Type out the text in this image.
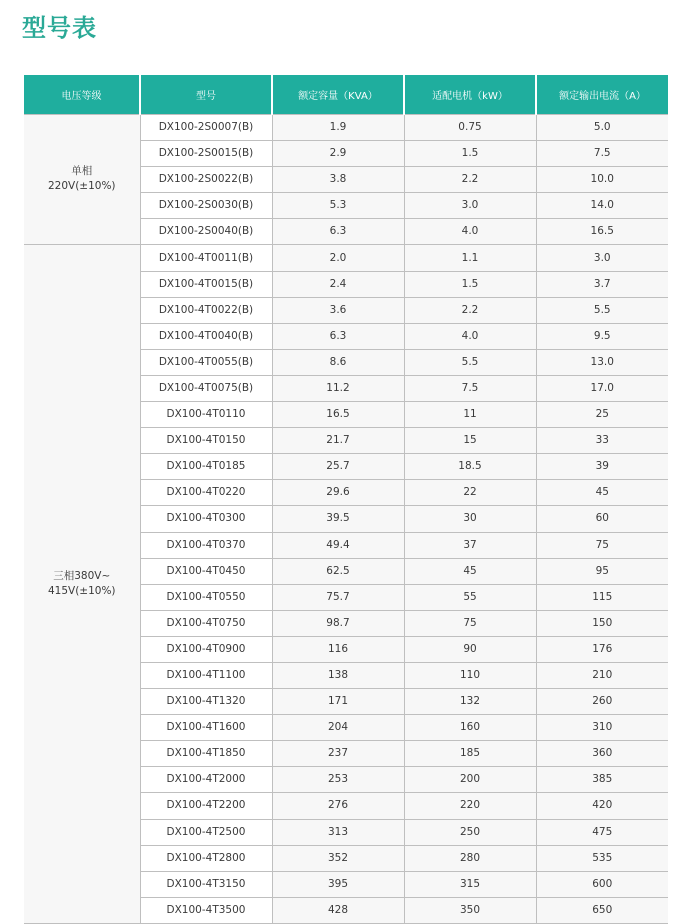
型号表
电压等级	型号	额定容量（KVA）	适配电机（kW）	额定输出电流（A）

单相
220V(±10%)	DX100-2S0007(B)	1.9	0.75	5.0
	DX100-2S0015(B)	2.9	1.5	7.5
	DX100-2S0022(B)	3.8	2.2	10.0
	DX100-2S0030(B)	5.3	3.0	14.0
	DX100-2S0040(B)	6.3	4.0	16.5

三相380V~
415V(±10%)	DX100-4T0011(B)	2.0	1.1	3.0
	DX100-4T0015(B)	2.4	1.5	3.7
	DX100-4T0022(B)	3.6	2.2	5.5
	DX100-4T0040(B)	6.3	4.0	9.5
	DX100-4T0055(B)	8.6	5.5	13.0
	DX100-4T0075(B)	11.2	7.5	17.0
	DX100-4T0110	16.5	11	25
	DX100-4T0150	21.7	15	33
	DX100-4T0185	25.7	18.5	39
	DX100-4T0220	29.6	22	45
	DX100-4T0300	39.5	30	60
	DX100-4T0370	49.4	37	75
	DX100-4T0450	62.5	45	95
	DX100-4T0550	75.7	55	115
	DX100-4T0750	98.7	75	150
	DX100-4T0900	116	90	176
	DX100-4T1100	138	110	210
	DX100-4T1320	171	132	260
	DX100-4T1600	204	160	310
	DX100-4T1850	237	185	360
	DX100-4T2000	253	200	385
	DX100-4T2200	276	220	420
	DX100-4T2500	313	250	475
	DX100-4T2800	352	280	535
	DX100-4T3150	395	315	600
	DX100-4T3500	428	350	650
